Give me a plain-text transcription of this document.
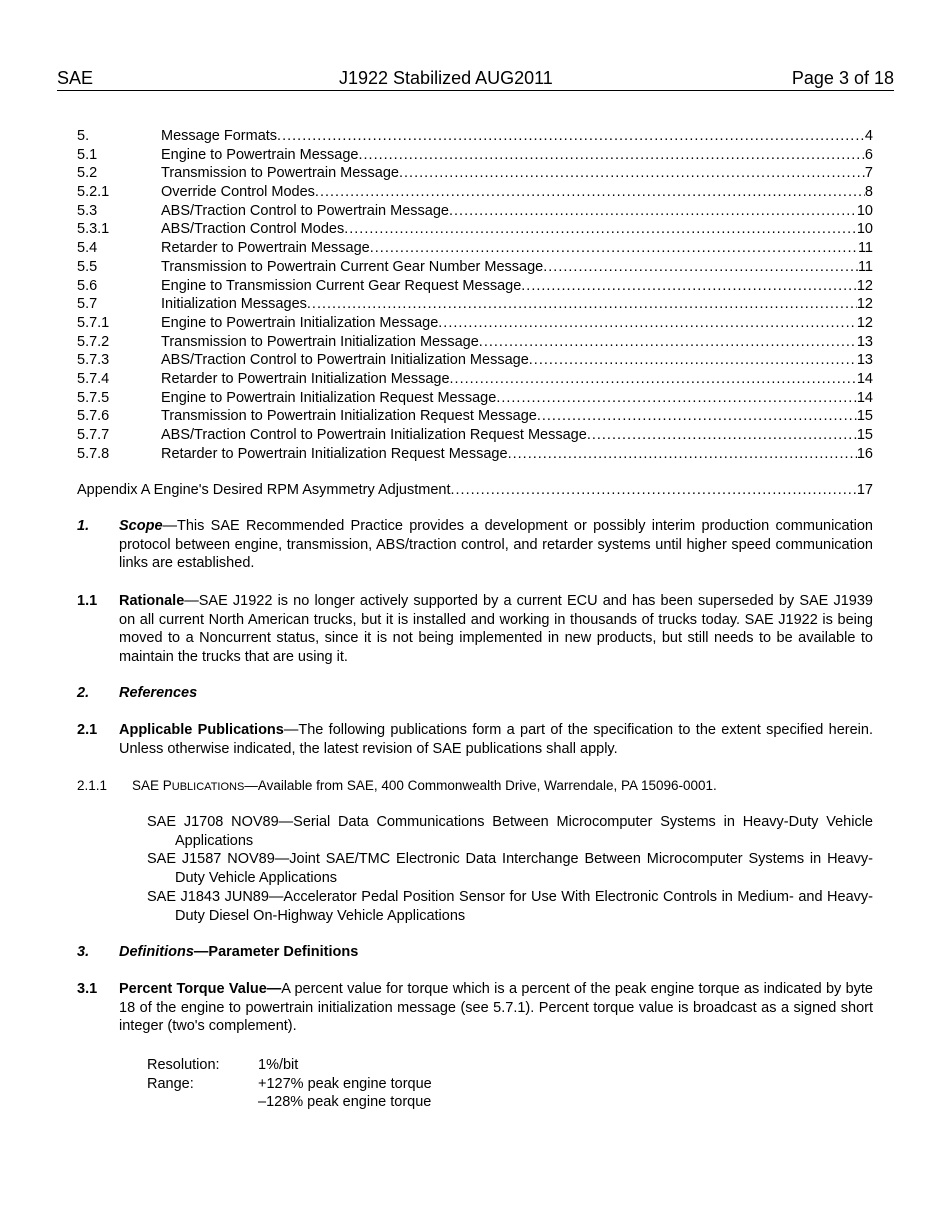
SAE	J1922 Stabilized AUG2011	Page 3 of 18
5.	Message Formats .....	4
5.1	Engine to Powertrain Message .....	6
5.2	Transmission to Powertrain Message .....	7
5.2.1	Override Control Modes .....	8
5.3	ABS/Traction Control to Powertrain Message .....	10
5.3.1	ABS/Traction Control Modes .....	10
5.4	Retarder to Powertrain Message .....	11
5.5	Transmission to Powertrain Current Gear Number Message .....	11
5.6	Engine to Transmission Current Gear Request Message .....	12
5.7	Initialization Messages .....	12
5.7.1	Engine to Powertrain Initialization Message .....	12
5.7.2	Transmission to Powertrain Initialization Message .....	13
5.7.3	ABS/Traction Control to Powertrain Initialization Message .....	13
5.7.4	Retarder to Powertrain Initialization Message .....	14
5.7.5	Engine to Powertrain Initialization Request Message .....	14
5.7.6	Transmission to Powertrain Initialization Request Message .....	15
5.7.7	ABS/Traction Control to Powertrain Initialization Request Message .....	15
5.7.8	Retarder to Powertrain Initialization Request Message .....	16
Appendix A Engine's Desired RPM Asymmetry Adjustment .....	17
1. Scope—This SAE Recommended Practice provides a development or possibly interim production communication protocol between engine, transmission, ABS/traction control, and retarder systems until higher speed communication links are established.
1.1 Rationale—SAE J1922 is no longer actively supported by a current ECU and has been superseded by SAE J1939 on all current North American trucks, but it is installed and working in thousands of trucks today. SAE J1922 is being moved to a Noncurrent status, since it is not being implemented in new products, but still needs to be available to maintain the trucks that are using it.
2. References
2.1 Applicable Publications—The following publications form a part of the specification to the extent specified herein. Unless otherwise indicated, the latest revision of SAE publications shall apply.
2.1.1 SAE PUBLICATIONS—Available from SAE, 400 Commonwealth Drive, Warrendale, PA 15096-0001.
SAE J1708 NOV89—Serial Data Communications Between Microcomputer Systems in Heavy-Duty Vehicle Applications
SAE J1587 NOV89—Joint SAE/TMC Electronic Data Interchange Between Microcomputer Systems in Heavy-Duty Vehicle Applications
SAE J1843 JUN89—Accelerator Pedal Position Sensor for Use With Electronic Controls in Medium- and Heavy-Duty Diesel On-Highway Vehicle Applications
3. Definitions—Parameter Definitions
3.1 Percent Torque Value—A percent value for torque which is a percent of the peak engine torque as indicated by byte 18 of the engine to powertrain initialization message (see 5.7.1). Percent torque value is broadcast as a signed short integer (two's complement).
Resolution:	1%/bit
Range:	+127% peak engine torque
–128% peak engine torque
